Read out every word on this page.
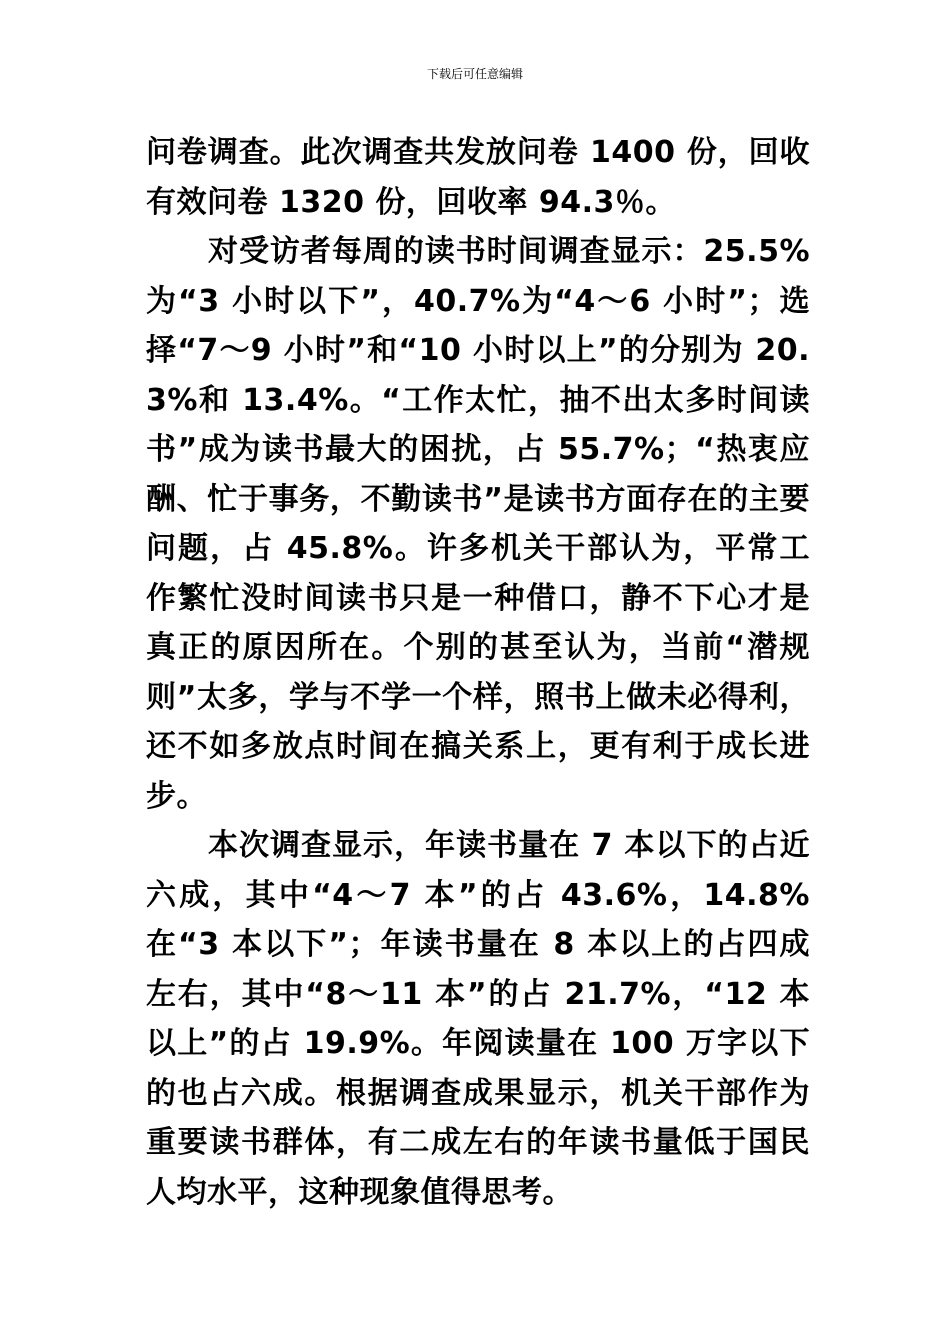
下载后可任意编辑

问卷调查。此次调查共发放问卷 1400 份，回收有效问卷 1320 份，回收率 94.3％。

对受访者每周的读书时间调查显示：25.5%为“3 小时以下”，40.7%为“4～6 小时”；选择“7～9 小时”和“10 小时以上”的分别为 20.3%和 13.4%。“工作太忙，抽不出太多时间读书”成为读书最大的困扰，占 55.7%；“热衷应酬、忙于事务，不勤读书”是读书方面存在的主要问题，占 45.8%。许多机关干部认为，平常工作繁忙没时间读书只是一种借口，静不下心才是真正的原因所在。个别的甚至认为，当前“潜规则”太多，学与不学一个样，照书上做未必得利，还不如多放点时间在搞关系上，更有利于成长进步。

本次调查显示，年读书量在 7 本以下的占近六成，其中“4～7 本”的占 43.6%，14.8%在“3 本以下”；年读书量在 8 本以上的占四成左右，其中“8～11 本”的占 21.7%，“12 本以上”的占 19.9%。年阅读量在 100 万字以下的也占六成。根据调查成果显示，机关干部作为重要读书群体，有二成左右的年读书量低于国民人均水平，这种现象值得思考。
